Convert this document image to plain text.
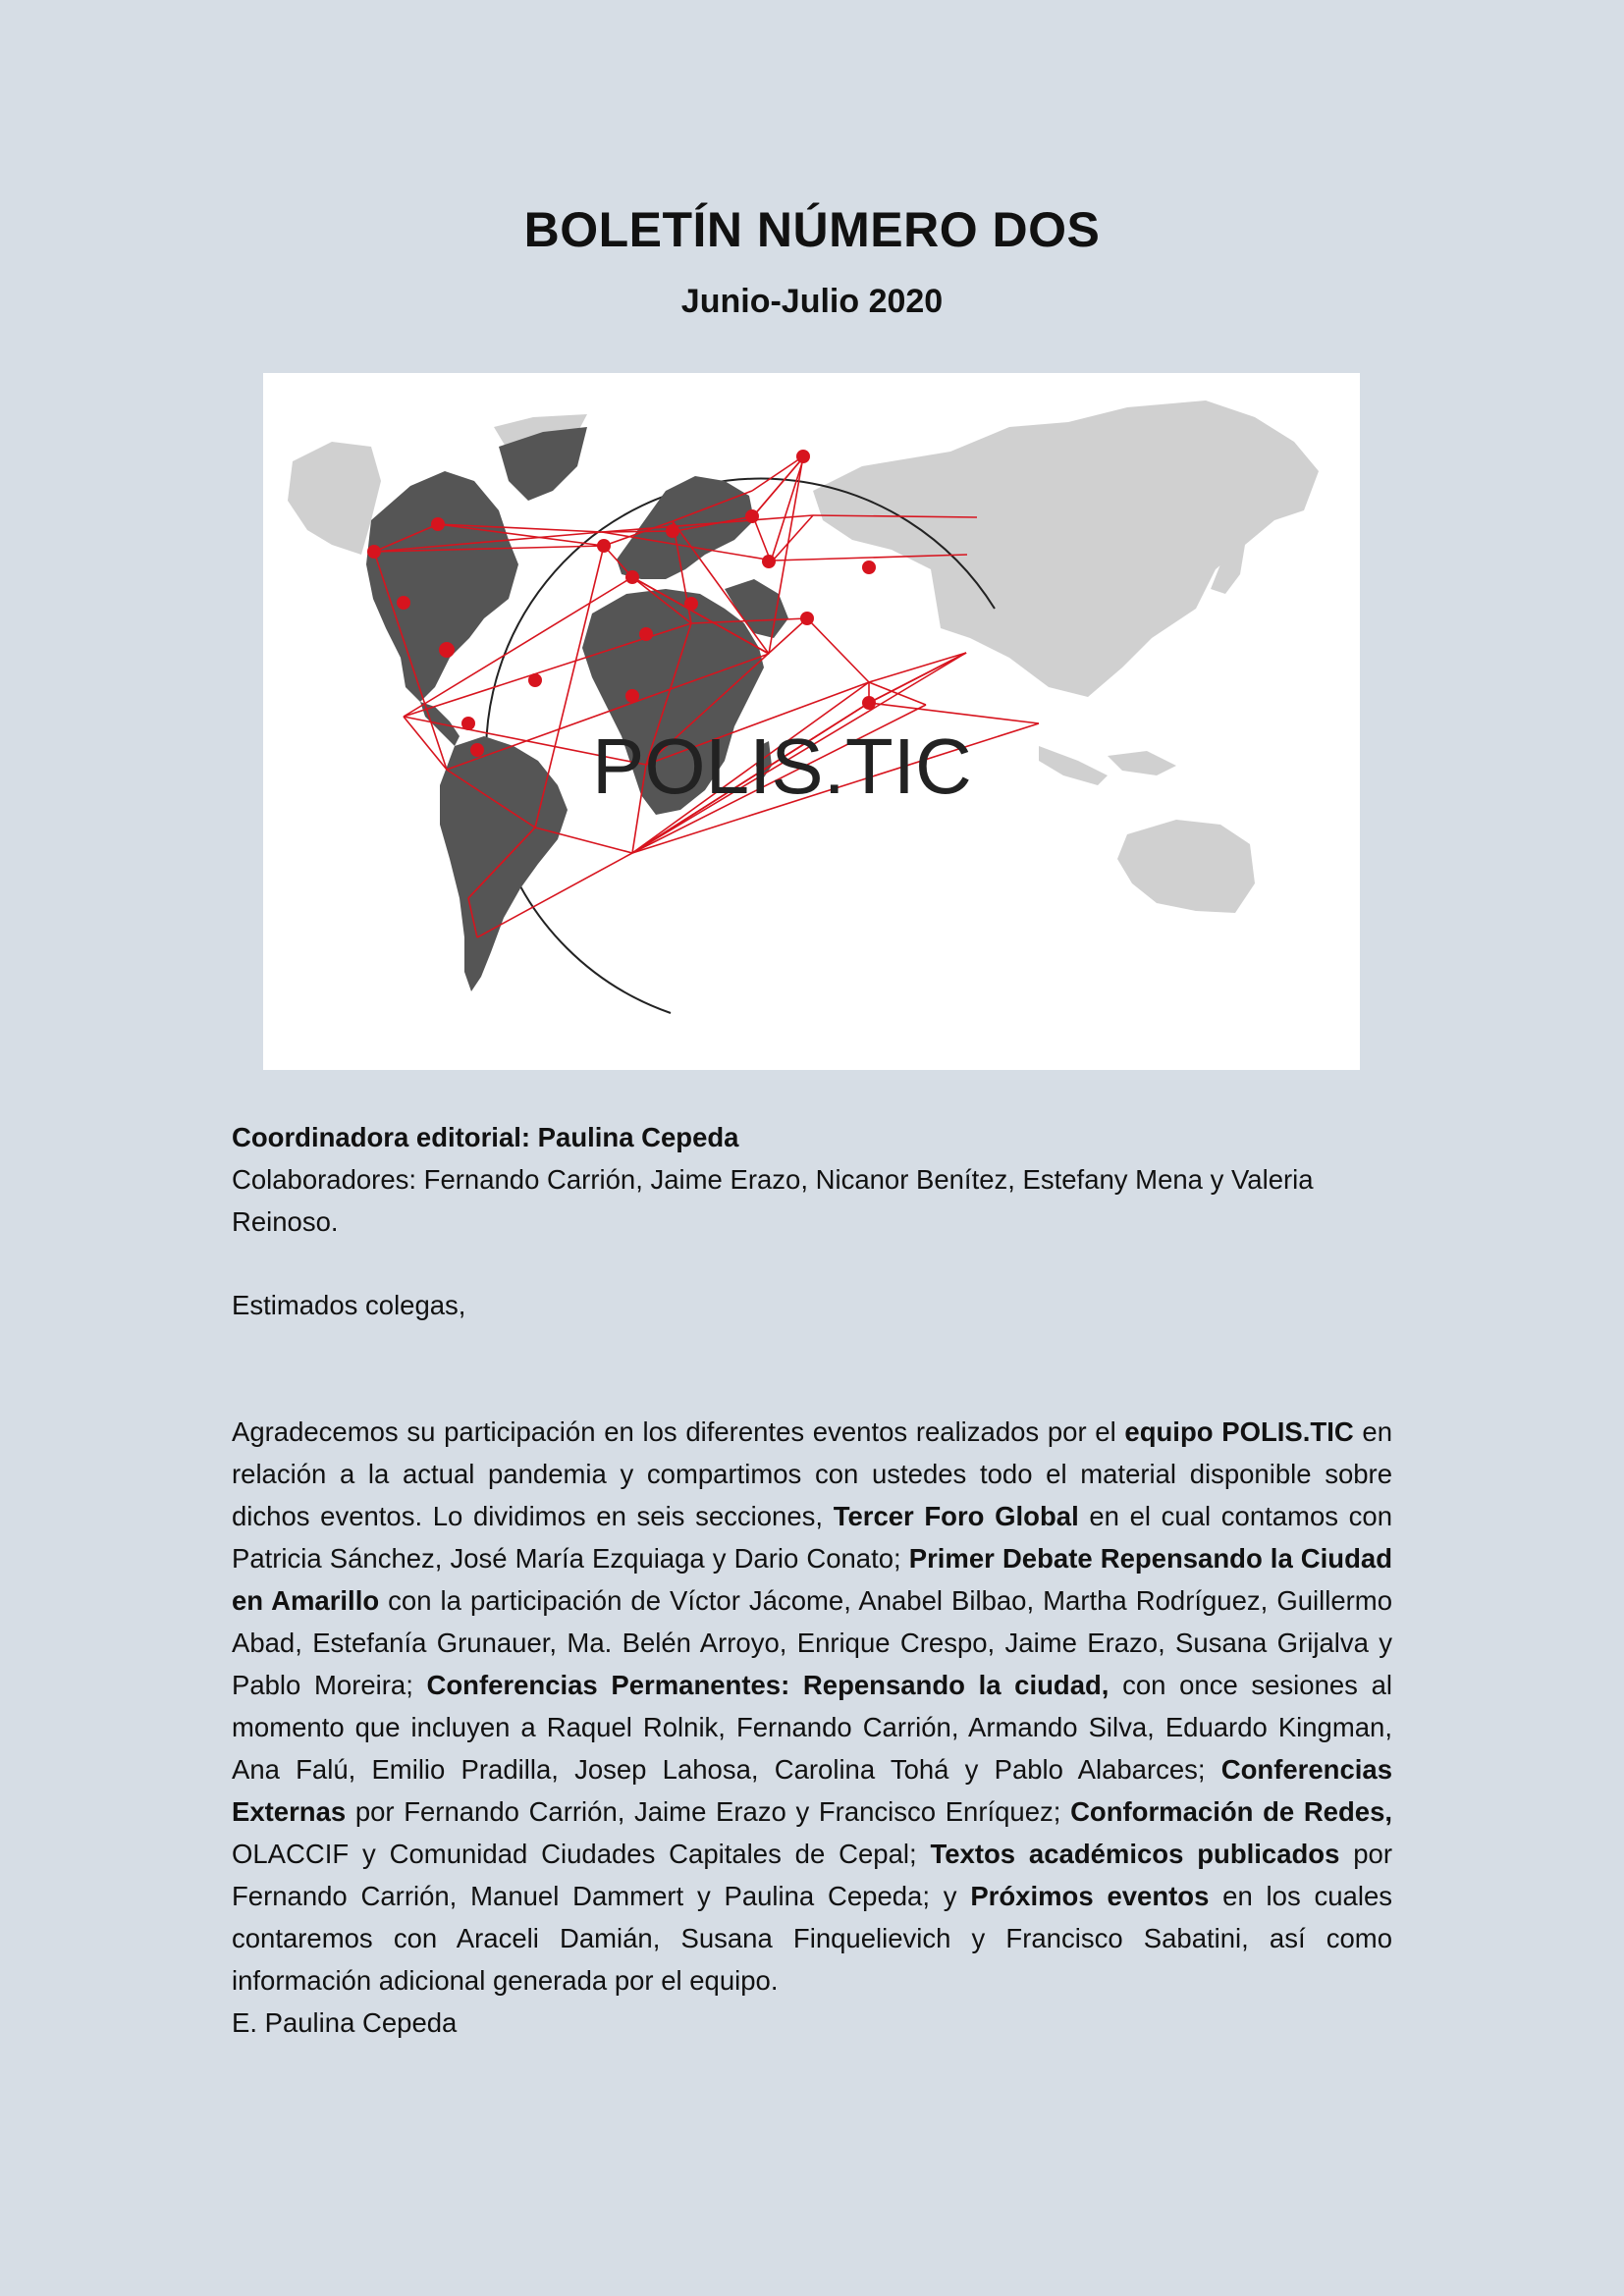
BOLETÍN NÚMERO DOS
Junio-Julio 2020
POLIS.TIC
Coordinadora editorial: Paulina Cepeda
Colaboradores: Fernando Carrión, Jaime Erazo, Nicanor Benítez, Estefany Mena y Valeria Reinoso.
Estimados colegas,
Agradecemos su participación en los diferentes eventos realizados por el equipo POLIS.TIC en relación a la actual pandemia y compartimos con ustedes todo el material disponible sobre dichos eventos. Lo dividimos en seis secciones, Tercer Foro Global en el cual contamos con Patricia Sánchez, José María Ezquiaga y Dario Conato; Primer Debate Repensando la Ciudad en Amarillo con la participación de Víctor Jácome, Anabel Bilbao, Martha Rodríguez, Guillermo Abad, Estefanía Grunauer, Ma. Belén Arroyo, Enrique Crespo, Jaime Erazo, Susana Grijalva y Pablo Moreira; Conferencias Permanentes: Repensando la ciudad, con once sesiones al momento que incluyen a Raquel Rolnik, Fernando Carrión, Armando Silva, Eduardo Kingman, Ana Falú, Emilio Pradilla, Josep Lahosa, Carolina Tohá y Pablo Alabarces; Conferencias Externas por Fernando Carrión, Jaime Erazo y Francisco Enríquez; Conformación de Redes, OLACCIF y Comunidad Ciudades Capitales de Cepal; Textos académicos publicados por Fernando Carrión, Manuel Dammert y Paulina Cepeda; y Próximos eventos en los cuales contaremos con Araceli Damián, Susana Finquelievich y Francisco Sabatini, así como información adicional generada por el equipo.
E. Paulina Cepeda
